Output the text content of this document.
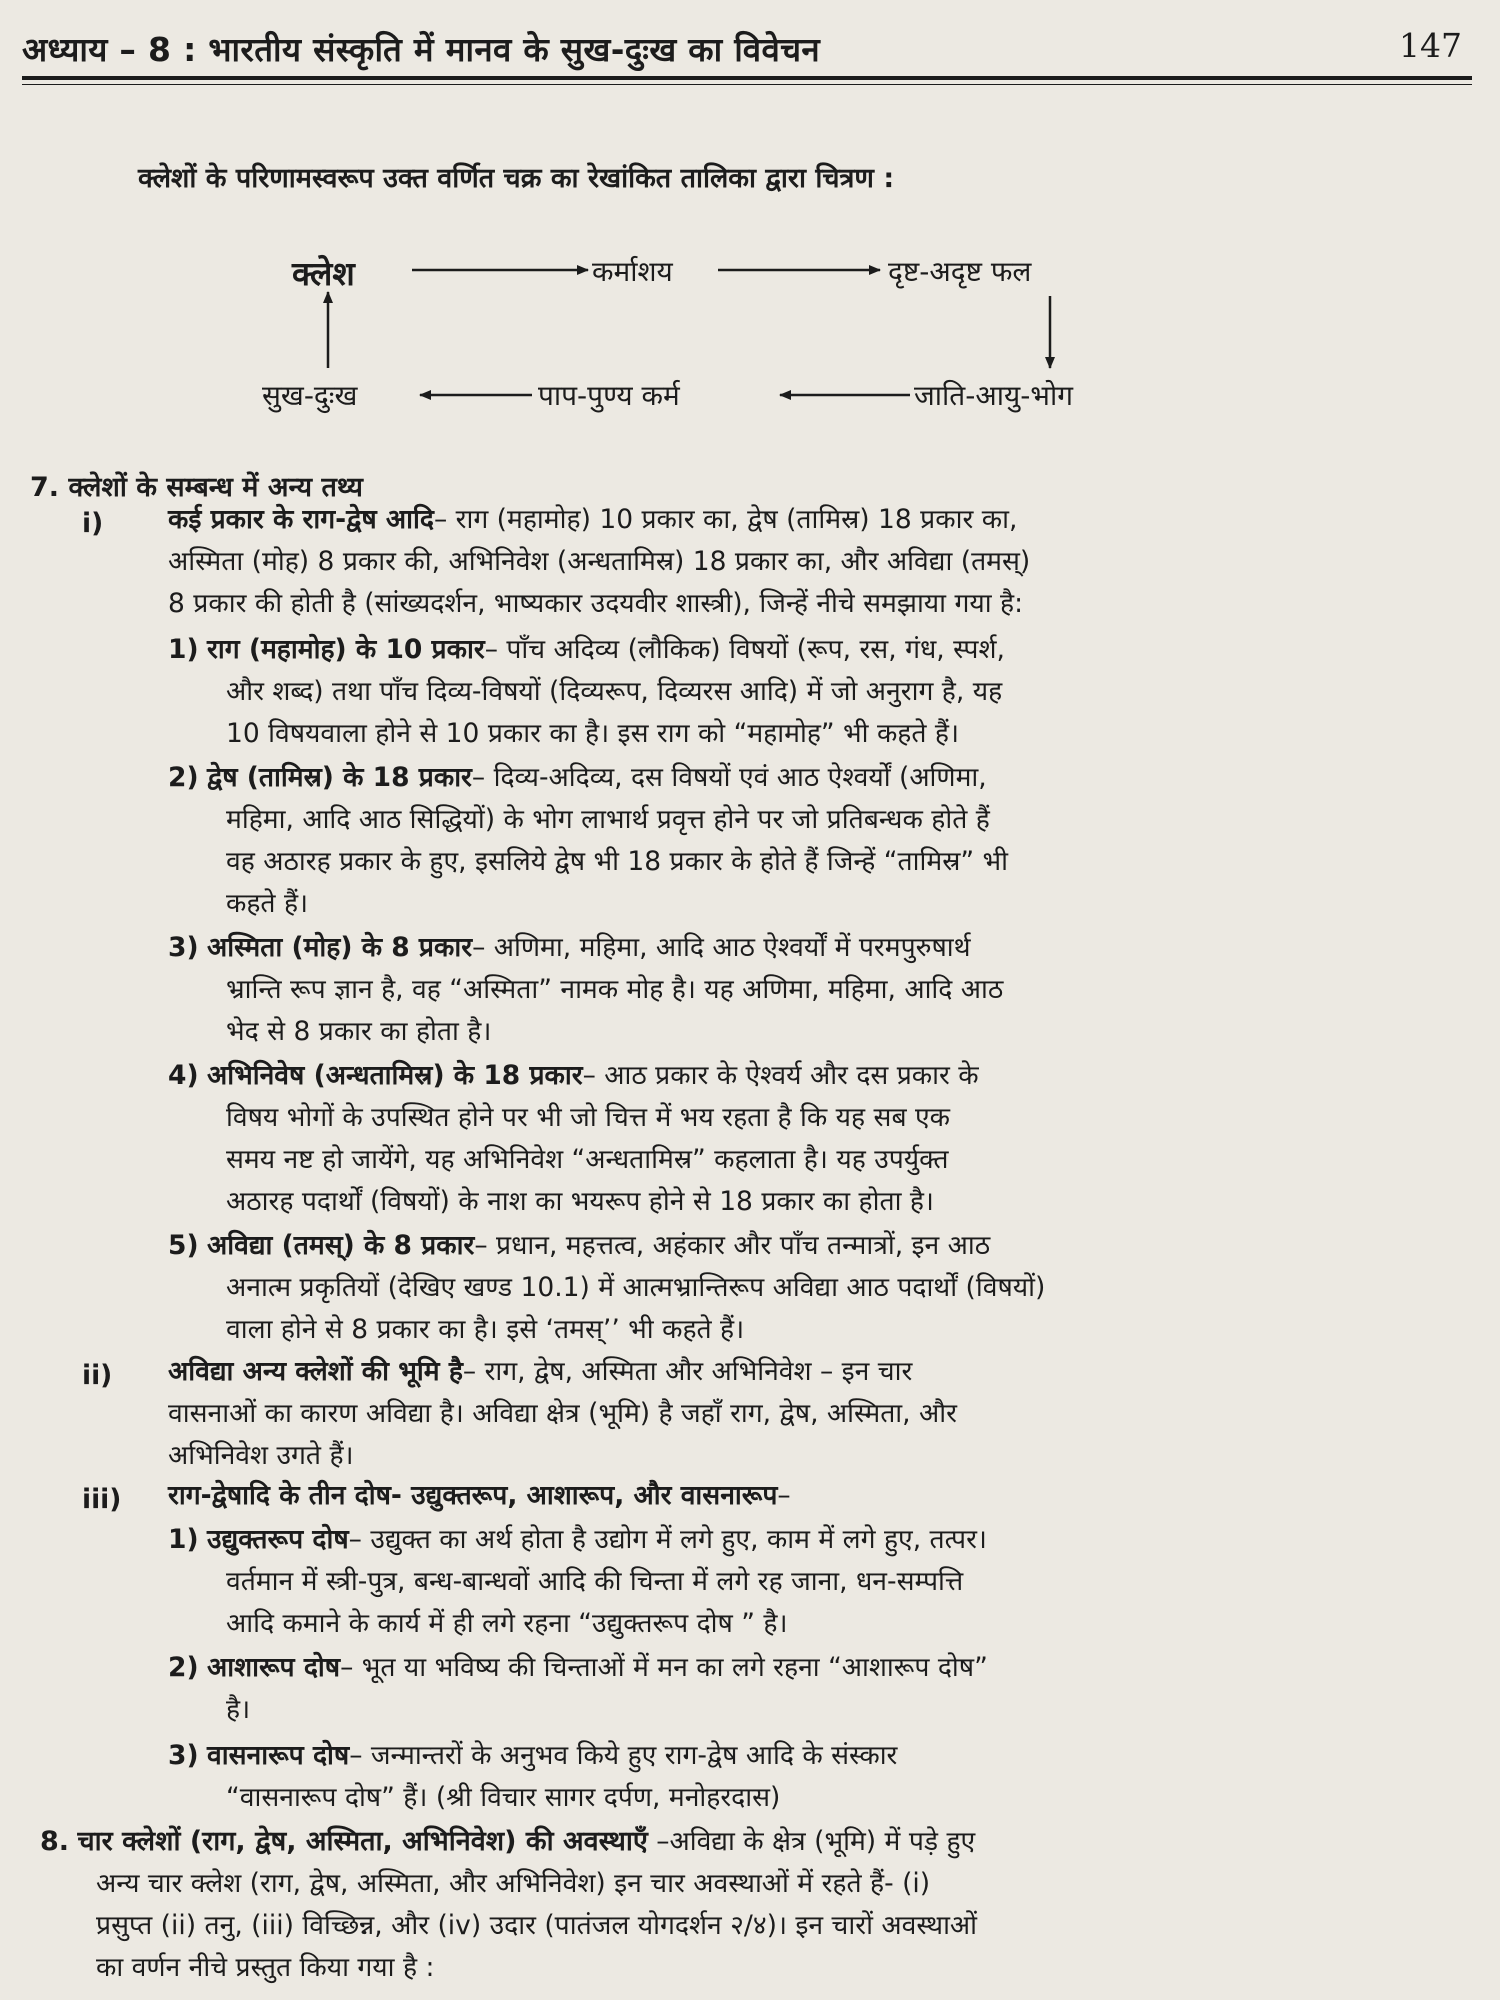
अध्याय – 8 : भारतीय संस्कृति में मानव के सुख-दुःख का विवेचन	147
क्लेशों के परिणामस्वरूप उक्त वर्णित चक्र का रेखांकित तालिका द्वारा चित्रण :
क्लेश	कर्माशय	दृष्ट-अदृष्ट फल
जाति-आयु-भोग
पाप-पुण्य कर्म
सुख-दुःख
7. क्लेशों के सम्बन्ध में अन्य तथ्य
i) कई प्रकार के राग-द्वेष आदि– राग (महामोह) 10 प्रकार का, द्वेष (तामिस्र) 18 प्रकार का,
अस्मिता (मोह) 8 प्रकार की, अभिनिवेश (अन्धतामिस्र) 18 प्रकार का, और अविद्या (तमस्)
8 प्रकार की होती है (सांख्यदर्शन, भाष्यकार उदयवीर शास्त्री), जिन्हें नीचे समझाया गया है:
1) राग (महामोह) के 10 प्रकार– पाँच अदिव्य (लौकिक) विषयों (रूप, रस, गंध, स्पर्श,
और शब्द) तथा पाँच दिव्य-विषयों (दिव्यरूप, दिव्यरस आदि) में जो अनुराग है, यह
10 विषयवाला होने से 10 प्रकार का है। इस राग को “महामोह” भी कहते हैं।
2) द्वेष (तामिस्र) के 18 प्रकार– दिव्य-अदिव्य, दस विषयों एवं आठ ऐश्वर्यों (अणिमा,
महिमा, आदि आठ सिद्धियों) के भोग लाभार्थ प्रवृत्त होने पर जो प्रतिबन्धक होते हैं
वह अठारह प्रकार के हुए, इसलिये द्वेष भी 18 प्रकार के होते हैं जिन्हें “तामिस्र” भी
कहते हैं।
3) अस्मिता (मोह) के 8 प्रकार– अणिमा, महिमा, आदि आठ ऐश्वर्यों में परमपुरुषार्थ
भ्रान्ति रूप ज्ञान है, वह “अस्मिता” नामक मोह है। यह अणिमा, महिमा, आदि आठ
भेद से 8 प्रकार का होता है।
4) अभिनिवेष (अन्धतामिस्र) के 18 प्रकार– आठ प्रकार के ऐश्वर्य और दस प्रकार के
विषय भोगों के उपस्थित होने पर भी जो चित्त में भय रहता है कि यह सब एक
समय नष्ट हो जायेंगे, यह अभिनिवेश “अन्धतामिस्र” कहलाता है। यह उपर्युक्त
अठारह पदार्थों (विषयों) के नाश का भयरूप होने से 18 प्रकार का होता है।
5) अविद्या (तमस्) के 8 प्रकार– प्रधान, महत्तत्व, अहंकार और पाँच तन्मात्रों, इन आठ
अनात्म प्रकृतियों (देखिए खण्ड 10.1) में आत्मभ्रान्तिरूप अविद्या आठ पदार्थों (विषयों)
वाला होने से 8 प्रकार का है। इसे ‘तमस्’’ भी कहते हैं।
ii) अविद्या अन्य क्लेशों की भूमि है– राग, द्वेष, अस्मिता और अभिनिवेश – इन चार
वासनाओं का कारण अविद्या है। अविद्या क्षेत्र (भूमि) है जहाँ राग, द्वेष, अस्मिता, और
अभिनिवेश उगते हैं।
iii) राग-द्वेषादि के तीन दोष- उद्युक्तरूप, आशारूप, और वासनारूप–
1) उद्युक्तरूप दोष– उद्युक्त का अर्थ होता है उद्योग में लगे हुए, काम में लगे हुए, तत्पर।
वर्तमान में स्त्री-पुत्र, बन्ध-बान्धवों आदि की चिन्ता में लगे रह जाना, धन-सम्पत्ति
आदि कमाने के कार्य में ही लगे रहना “उद्युक्तरूप दोष ” है।
2) आशारूप दोष– भूत या भविष्य की चिन्ताओं में मन का लगे रहना “आशारूप दोष”
है।
3) वासनारूप दोष– जन्मान्तरों के अनुभव किये हुए राग-द्वेष आदि के संस्कार
“वासनारूप दोष” हैं। (श्री विचार सागर दर्पण, मनोहरदास)
8. चार क्लेशों (राग, द्वेष, अस्मिता, अभिनिवेश) की अवस्थाएँ –अविद्या के क्षेत्र (भूमि) में पड़े हुए
अन्य चार क्लेश (राग, द्वेष, अस्मिता, और अभिनिवेश) इन चार अवस्थाओं में रहते हैं- (i)
प्रसुप्त (ii) तनु, (iii) विच्छिन्न, और (iv) उदार (पातंजल योगदर्शन २/४)। इन चारों अवस्थाओं
का वर्णन नीचे प्रस्तुत किया गया है :
